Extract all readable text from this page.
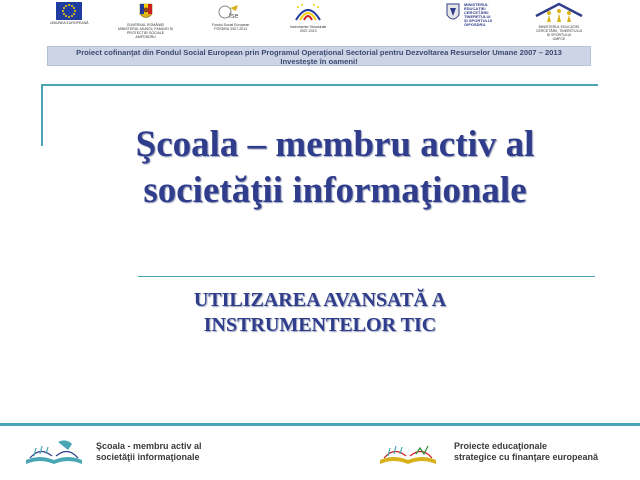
UNIUNEA EUROPEANĂ	GUVERNUL ROMÂNIEI
MINISTERUL MUNCII, FAMILIEI ȘI
PROTECȚIEI SOCIALE
AMPOSDRU
fse
Fondul Social European
POSDRU 2007-2013	Instrumente Structurale
2007-2013
MINISTERUL
EDUCAȚIEI
CERCETĂRII
TINERETULUI
ȘI SPORTULUI
OIPOSDRU	MINISTERUL EDUCAȚIEI
CERCETĂRII, TINERETULUI
ȘI SPORTULUI
UMPCE
Proiect cofinanţat din Fondul Social European prin Programul Operaţional Sectorial pentru Dezvoltarea Resurselor Umane 2007 – 2013
Investeşte în oameni!
Şcoala – membru activ al
societăţii informaţionale
UTILIZAREA AVANSATĂ A
INSTRUMENTELOR TIC
Şcoala - membru activ al
societăţii informaţionale
Proiecte educaţionale
strategice cu finanţare europeană
